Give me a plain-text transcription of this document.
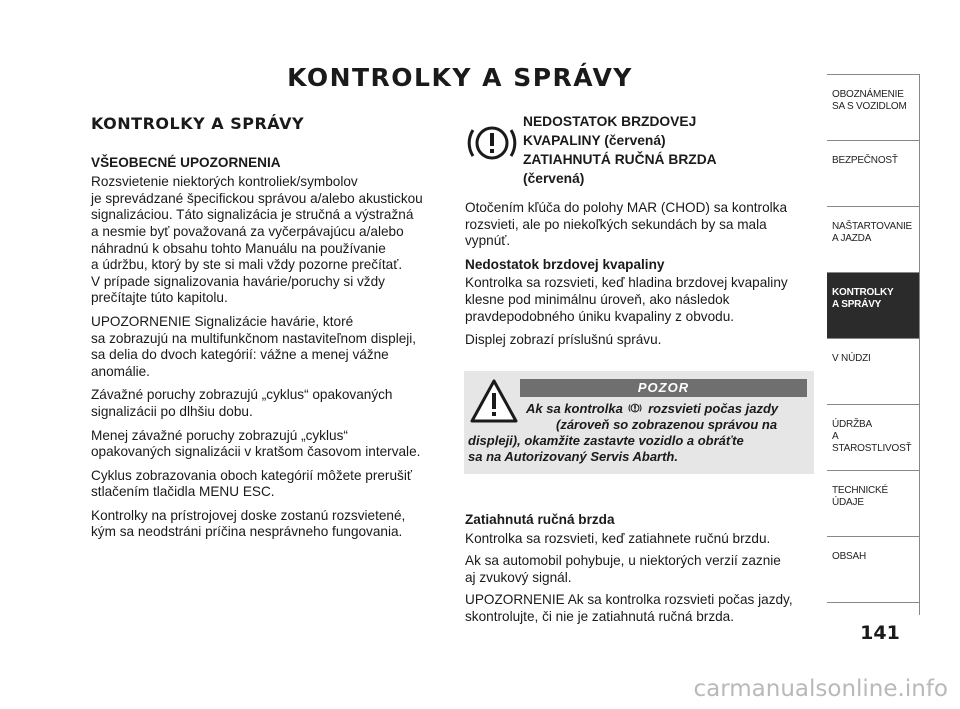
KONTROLKY A SPRÁVY
KONTROLKY A SPRÁVY
VŠEOBECNÉ UPOZORNENIA

Rozsvietenie niektorých kontroliek/symbolov
je sprevádzané špecifickou správou a/alebo akustickou
signalizáciou. Táto signalizácia je stručná a výstražná
a nesmie byť považovaná za vyčerpávajúcu a/alebo
náhradnú k obsahu tohto Manuálu na používanie
a údržbu, ktorý by ste si mali vždy pozorne prečítať.
V prípade signalizovania havárie/poruchy si vždy
prečítajte túto kapitolu.

UPOZORNENIE Signalizácie havárie, ktoré
sa zobrazujú na multifunkčnom nastaviteľnom displeji,
sa delia do dvoch kategórií: vážne a menej vážne
anomálie.

Závažné poruchy zobrazujú „cyklus“ opakovaných
signalizácii po dlhšiu dobu.

Menej závažné poruchy zobrazujú „cyklus“
opakovaných signalizácii v kratšom časovom intervale.

Cyklus zobrazovania oboch kategórií môžete prerušiť
stlačením tlačidla MENU ESC.

Kontrolky na prístrojovej doske zostanú rozsvietené,
kým sa neodstráni príčina nesprávneho fungovania.

NEDOSTATOK BRZDOVEJ
KVAPALINY (červená)
ZATIAHNUTÁ RUČNÁ BRZDA
(červená)

Otočením kľúča do polohy MAR (CHOD) sa kontrolka
rozsvieti, ale po niekoľkých sekundách by sa mala
vypnúť.

Nedostatok brzdovej kvapaliny

Kontrolka sa rozsvieti, keď hladina brzdovej kvapaliny
klesne pod minimálnu úroveň, ako následok
pravdepodobného úniku kvapaliny z obvodu.

Displej zobrazí príslušnú správu.

POZOR
Ak sa kontrolka rozsvieti počas jazdy
(zároveň so zobrazenou správou na
displeji), okamžite zastavte vozidlo a obráťte
sa na Autorizovaný Servis Abarth.
Zatiahnutá ručná brzda

Kontrolka sa rozsvieti, keď zatiahnete ručnú brzdu.

Ak sa automobil pohybuje, u niektorých verzií zaznie
aj zvukový signál.

UPOZORNENIE Ak sa kontrolka rozsvieti počas jazdy,
skontrolujte, či nie je zatiahnutá ručná brzda.

OBOZNÁMENIE
SA S VOZIDLOM
BEZPEČNOSŤ
NAŠTARTOVANIE
A JAZDA
KONTROLKY
A SPRÁVY
V NÚDZI
ÚDRŽBA
A STAROSTLIVOSŤ
TECHNICKÉ
ÚDAJE
OBSAH
141
carmanualsonline.info
